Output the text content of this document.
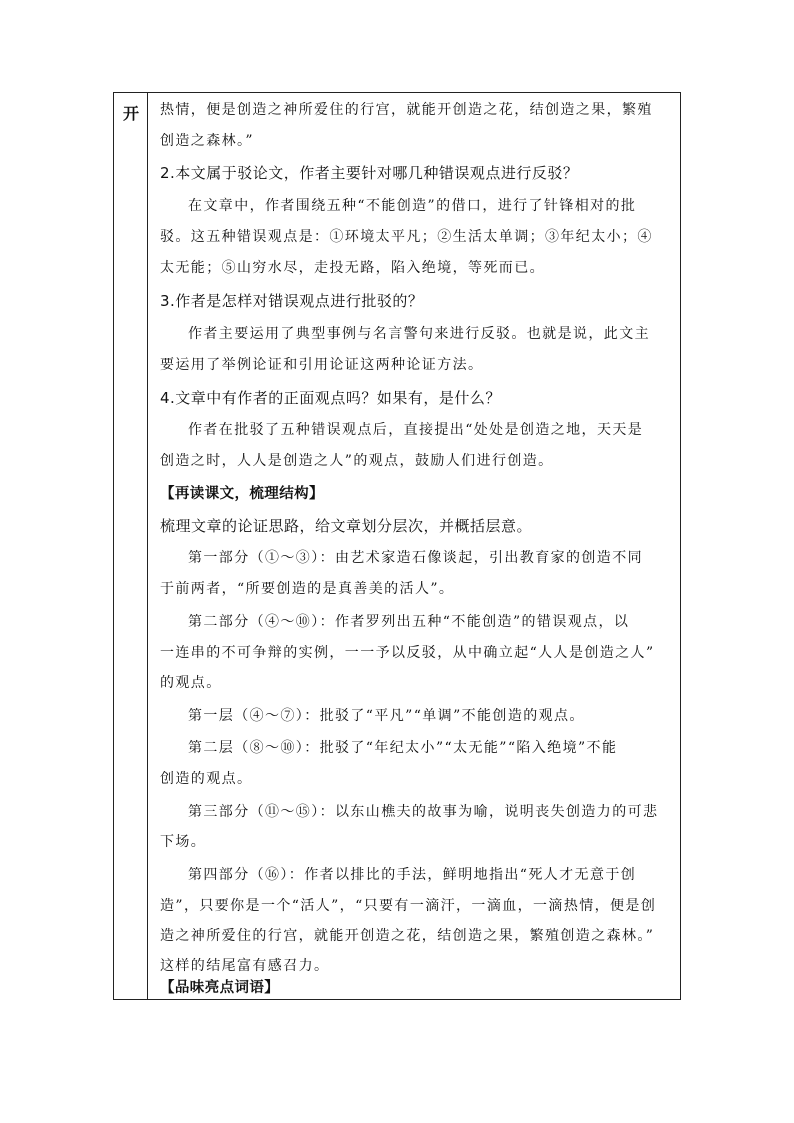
开	热情，便是创造之神所爱住的行宫，就能开创造之花，结创造之果，繁殖
创造之森林。”
2.本文属于驳论文，作者主要针对哪几种错误观点进行反驳？
在文章中，作者围绕五种“不能创造”的借口，进行了针锋相对的批
驳。这五种错误观点是：①环境太平凡；②生活太单调；③年纪太小；④
太无能；⑤山穷水尽，走投无路，陷入绝境，等死而已。
3.作者是怎样对错误观点进行批驳的？
作者主要运用了典型事例与名言警句来进行反驳。也就是说，此文主
要运用了举例论证和引用论证这两种论证方法。
4.文章中有作者的正面观点吗？如果有，是什么？
作者在批驳了五种错误观点后，直接提出“处处是创造之地，天天是
创造之时，人人是创造之人”的观点，鼓励人们进行创造。
【再读课文，梳理结构】
梳理文章的论证思路，给文章划分层次，并概括层意。
第一部分（①～③）：由艺术家造石像谈起，引出教育家的创造不同
于前两者，“所要创造的是真善美的活人”。
第二部分（④～⑩）：作者罗列出五种“不能创造”的错误观点，以
一连串的不可争辩的实例，一一予以反驳，从中确立起“人人是创造之人”
的观点。
第一层（④～⑦）：批驳了“平凡”“单调”不能创造的观点。
第二层（⑧～⑩）：批驳了“年纪太小”“太无能”“陷入绝境”不能
创造的观点。
第三部分（⑪～⑮）：以东山樵夫的故事为喻，说明丧失创造力的可悲
下场。
第四部分（⑯）：作者以排比的手法，鲜明地指出“死人才无意于创
造”，只要你是一个“活人”，“只要有一滴汗，一滴血，一滴热情，便是创
造之神所爱住的行宫，就能开创造之花，结创造之果，繁殖创造之森林。”
这样的结尾富有感召力。
【品味亮点词语】
